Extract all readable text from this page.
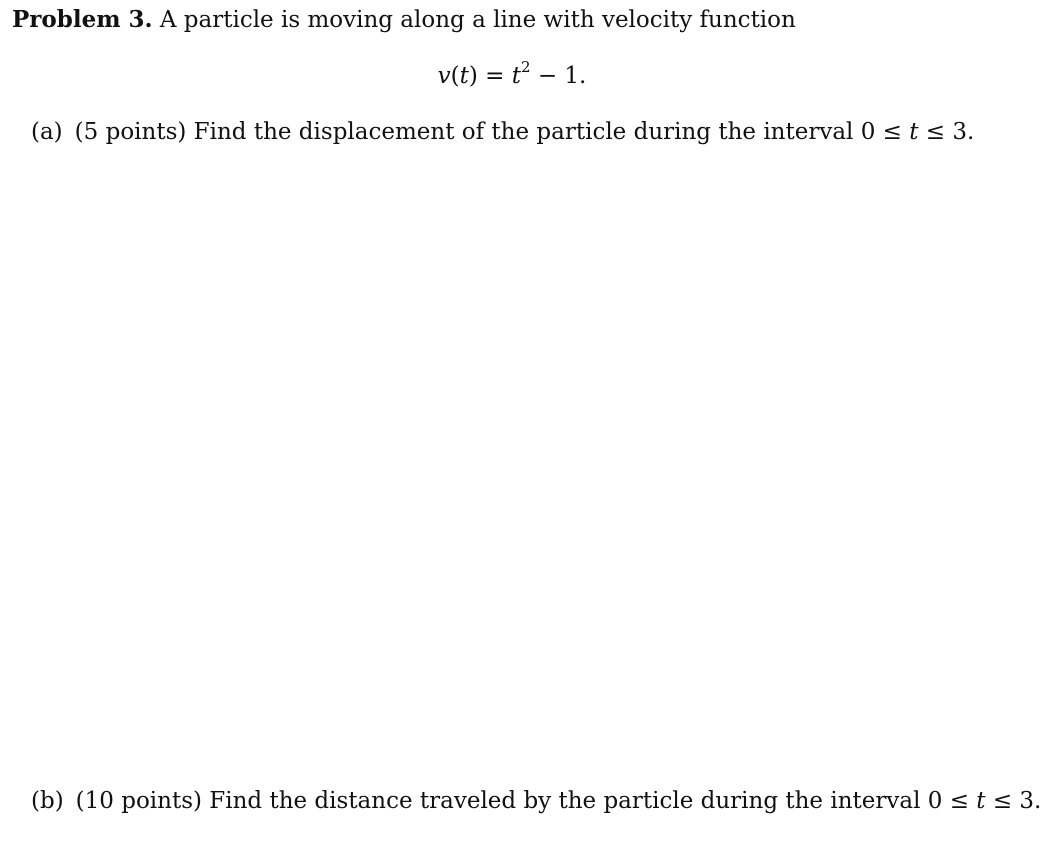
Problem 3. A particle is moving along a line with velocity function
$v(t) = t^2 - 1$.
(a) (5 points) Find the displacement of the particle during the interval 0 ≤ t ≤ 3.
(b) (10 points) Find the distance traveled by the particle during the interval 0 ≤ t ≤ 3.
